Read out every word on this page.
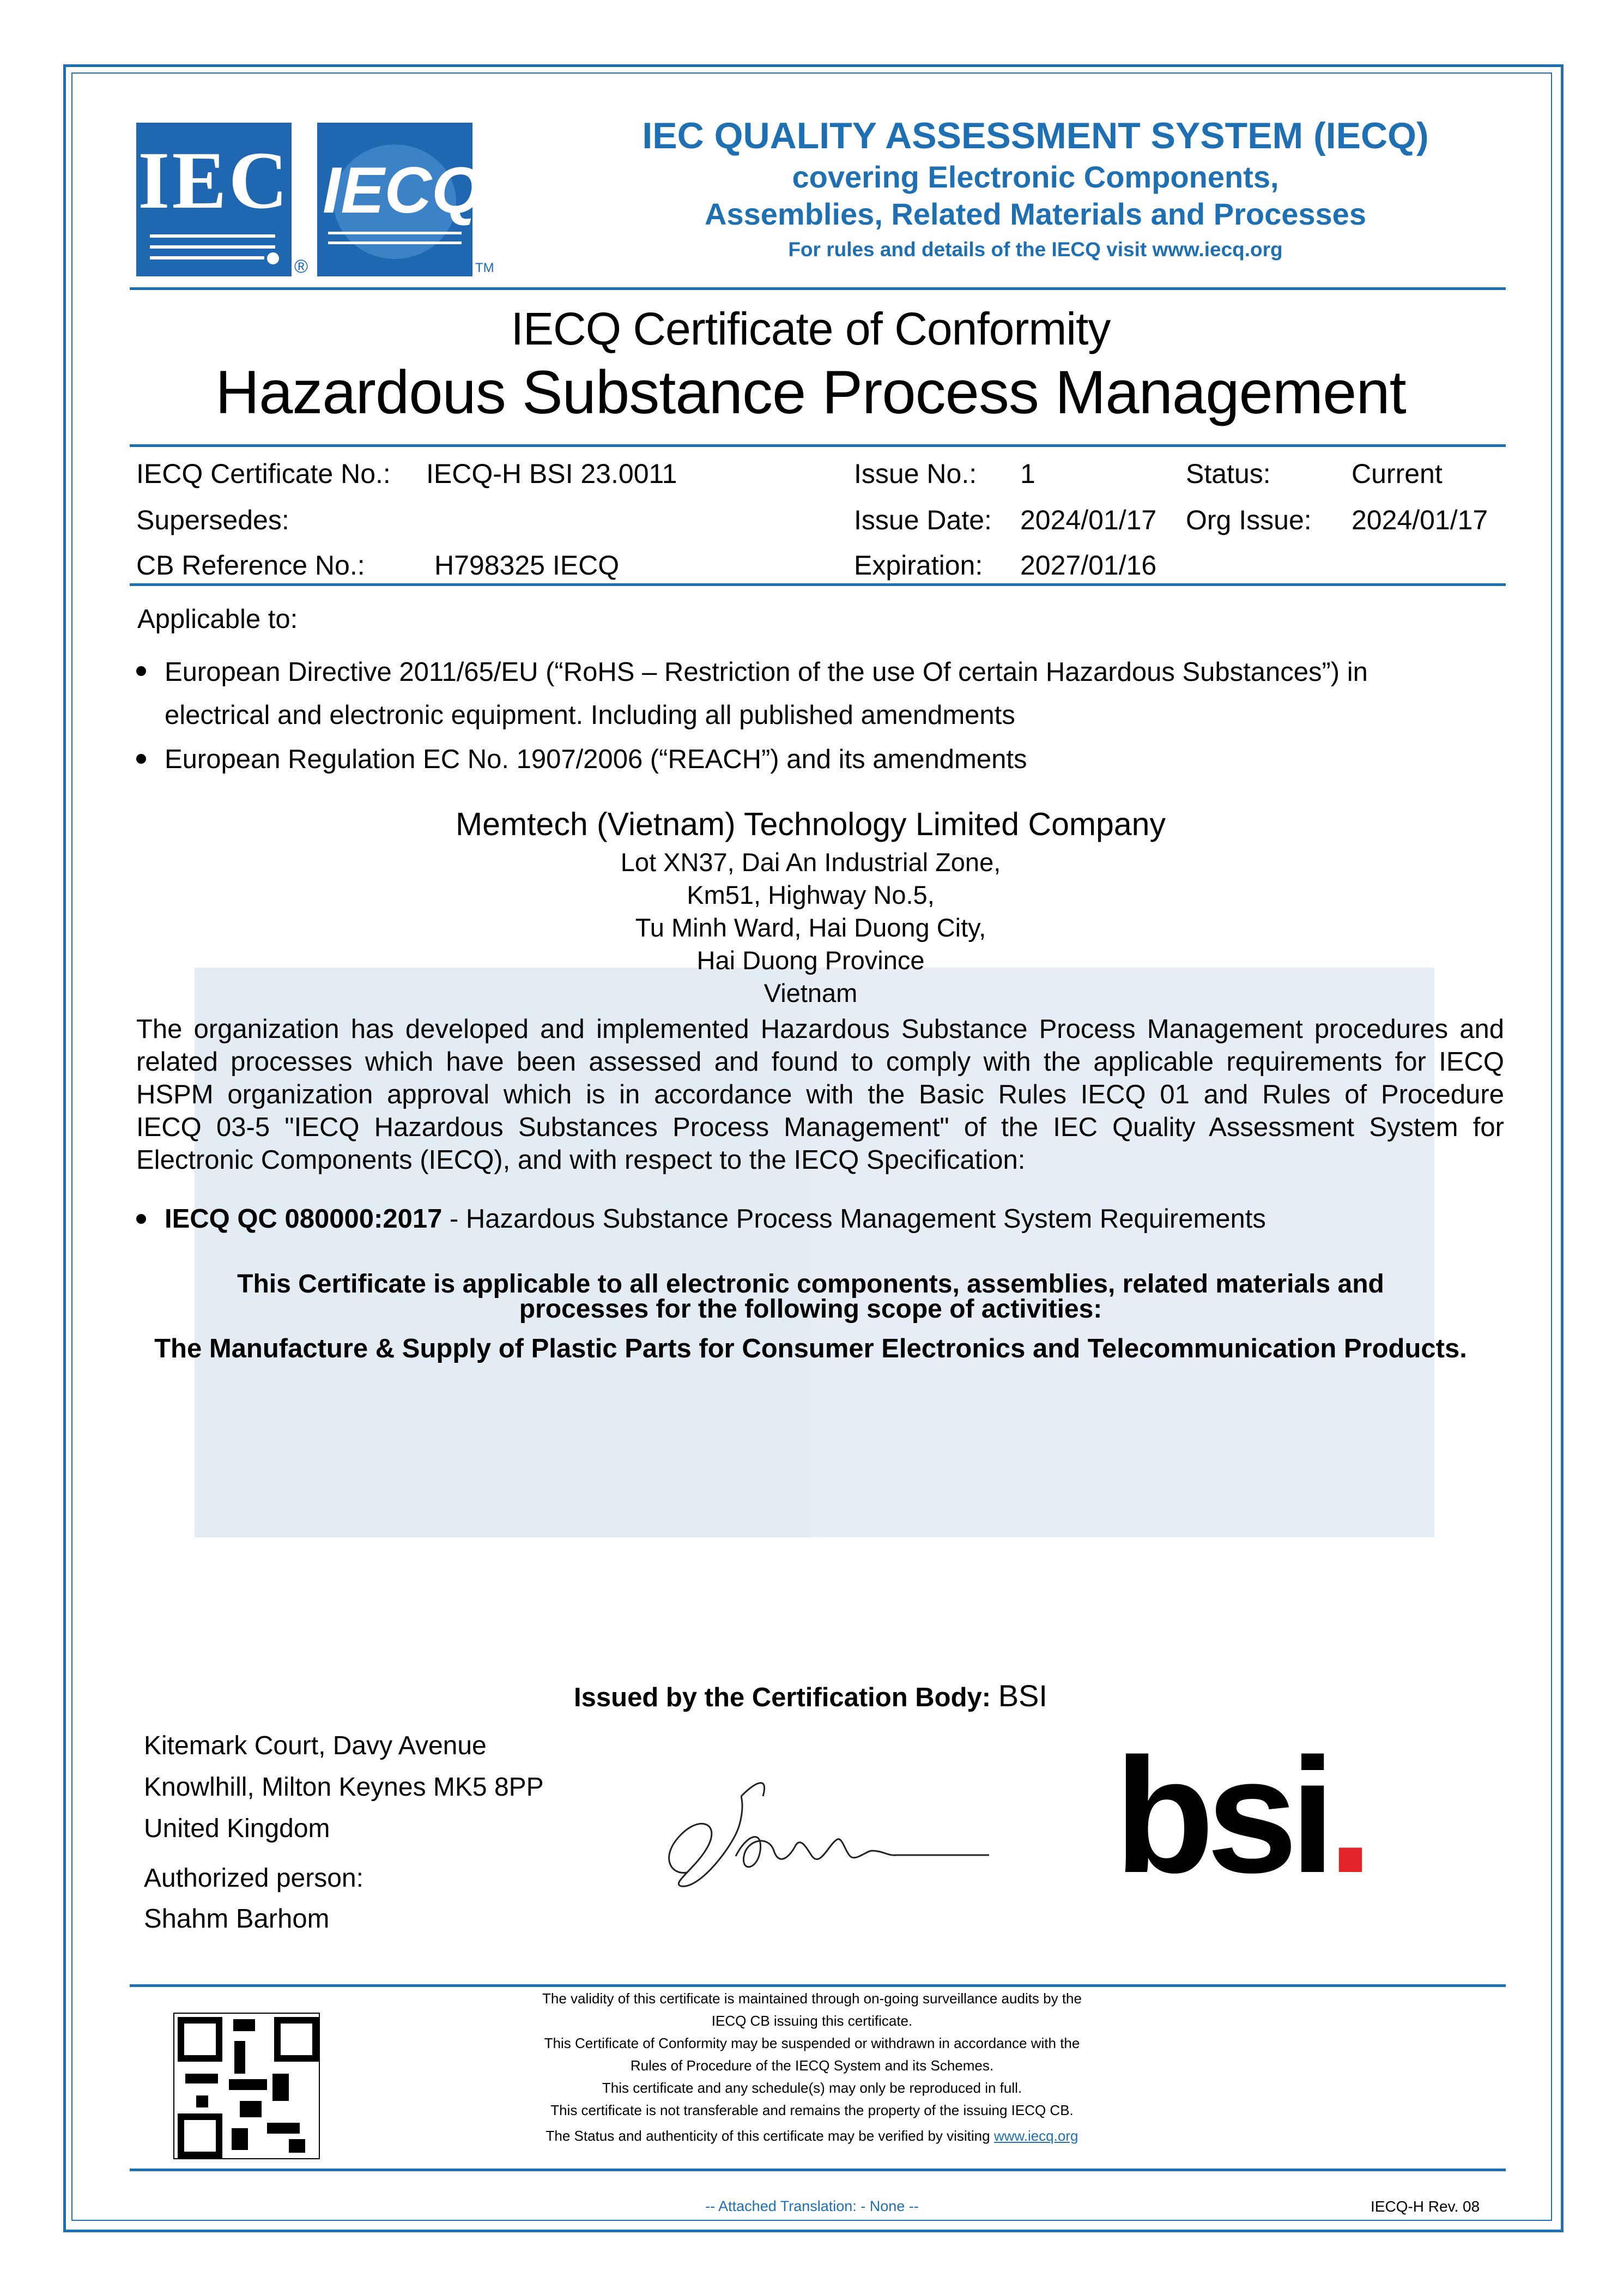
IEC
®
IECQ
TM
IEC QUALITY ASSESSMENT SYSTEM (IECQ)
covering Electronic Components,
Assemblies, Related Materials and Processes
For rules and details of the IECQ visit www.iecq.org
IECQ Certificate of Conformity
Hazardous Substance Process Management
IECQ Certificate No.: IECQ-H BSI 23.0011	Issue No.: 1	Status:	Current
Supersedes:	Issue Date: 2024/01/17 Org Issue: 2024/01/17
CB Reference No.:	H798325 IECQ	Expiration: 2027/01/16
Applicable to:
European Directive 2011/65/EU (“RoHS – Restriction of the use Of certain Hazardous Substances”) in
electrical and electronic equipment. Including all published amendments
European Regulation EC No. 1907/2006 (“REACH”) and its amendments
Memtech (Vietnam) Technology Limited Company
Lot XN37, Dai An Industrial Zone,
Km51, Highway No.5,
Tu Minh Ward, Hai Duong City,
Hai Duong Province
Vietnam
The organization has developed and implemented Hazardous Substance Process Management procedures and
related processes which have been assessed and found to comply with the applicable requirements for IECQ
HSPM organization approval which is in accordance with the Basic Rules IECQ 01 and Rules of Procedure
IECQ 03-5 "IECQ Hazardous Substances Process Management" of the IEC Quality Assessment System for
Electronic Components (IECQ), and with respect to the IECQ Specification:
IECQ QC 080000:2017 - Hazardous Substance Process Management System Requirements
This Certificate is applicable to all electronic components, assemblies, related materials and
processes for the following scope of activities:
The Manufacture & Supply of Plastic Parts for Consumer Electronics and Telecommunication Products.
Issued by the Certification Body: BSI
Kitemark Court, Davy Avenue
Knowlhill, Milton Keynes MK5 8PP
United Kingdom
Authorized person:
Shahm Barhom
bsi.
The validity of this certificate is maintained through on-going surveillance audits by the
IECQ CB issuing this certificate.
This Certificate of Conformity may be suspended or withdrawn in accordance with the
Rules of Procedure of the IECQ System and its Schemes.
This certificate and any schedule(s) may only be reproduced in full.
This certificate is not transferable and remains the property of the issuing IECQ CB.
The Status and authenticity of this certificate may be verified by visiting www.iecq.org
-- Attached Translation: - None --	IECQ-H Rev. 08
